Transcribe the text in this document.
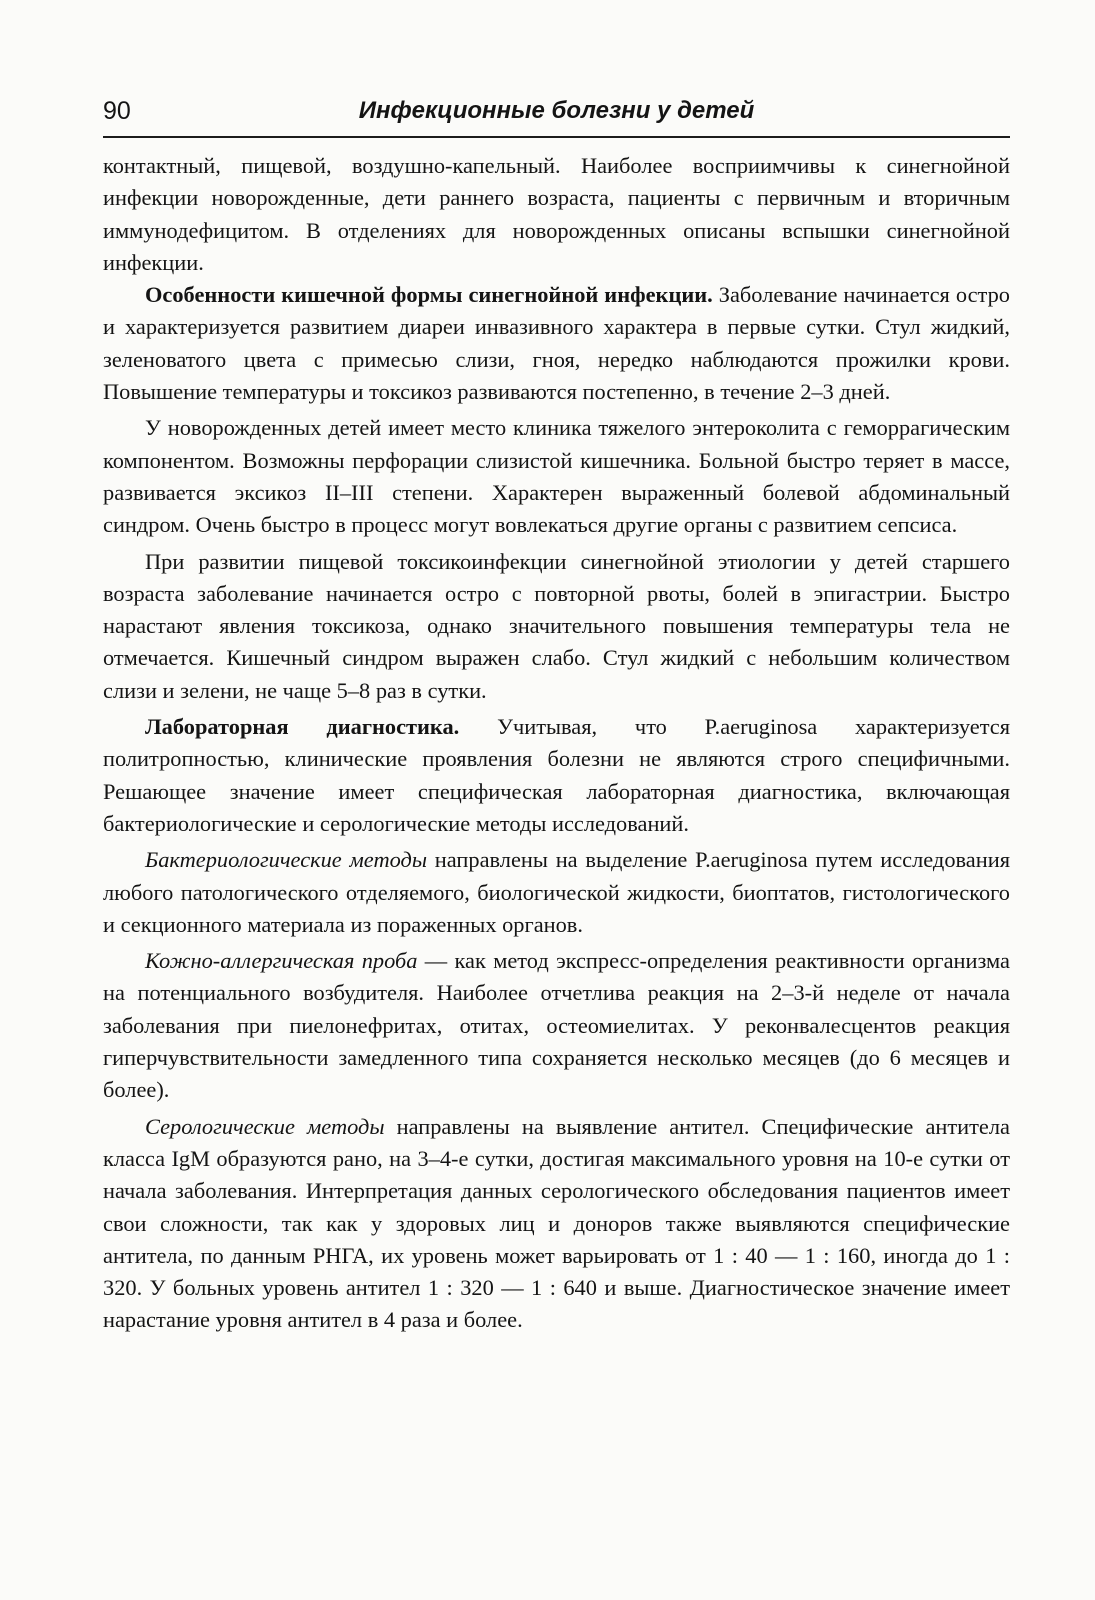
90	Инфекционные болезни у детей

контактный, пищевой, воздушно-капельный. Наиболее восприимчивы к синегнойной инфекции новорожденные, дети раннего возраста, пациенты с первичным и вторичным иммунодефицитом. В отделениях для новорожденных описаны вспышки синегнойной инфекции.

Особенности кишечной формы синегнойной инфекции. Заболевание начинается остро и характеризуется развитием диареи инвазивного характера в первые сутки. Стул жидкий, зеленоватого цвета с примесью слизи, гноя, нередко наблюдаются прожилки крови. Повышение температуры и токсикоз развиваются постепенно, в течение 2–3 дней.

У новорожденных детей имеет место клиника тяжелого энтероколита с геморрагическим компонентом. Возможны перфорации слизистой кишечника. Больной быстро теряет в массе, развивается эксикоз II–III степени. Характерен выраженный болевой абдоминальный синдром. Очень быстро в процесс могут вовлекаться другие органы с развитием сепсиса.

При развитии пищевой токсикоинфекции синегнойной этиологии у детей старшего возраста заболевание начинается остро с повторной рвоты, болей в эпигастрии. Быстро нарастают явления токсикоза, однако значительного повышения температуры тела не отмечается. Кишечный синдром выражен слабо. Стул жидкий с небольшим количеством слизи и зелени, не чаще 5–8 раз в сутки.

Лабораторная диагностика. Учитывая, что P.aeruginosa характеризуется политропностью, клинические проявления болезни не являются строго специфичными. Решающее значение имеет специфическая лабораторная диагностика, включающая бактериологические и серологические методы исследований.

Бактериологические методы направлены на выделение P.aeruginosa путем исследования любого патологического отделяемого, биологической жидкости, биоптатов, гистологического и секционного материала из пораженных органов.

Кожно-аллергическая проба — как метод экспресс-определения реактивности организма на потенциального возбудителя. Наиболее отчетлива реакция на 2–3-й неделе от начала заболевания при пиелонефритах, отитах, остеомиелитах. У реконвалесцентов реакция гиперчувствительности замедленного типа сохраняется несколько месяцев (до 6 месяцев и более).

Серологические методы направлены на выявление антител. Специфические антитела класса IgM образуются рано, на 3–4-е сутки, достигая максимального уровня на 10-е сутки от начала заболевания. Интерпретация данных серологического обследования пациентов имеет свои сложности, так как у здоровых лиц и доноров также выявляются специфические антитела, по данным РНГА, их уровень может варьировать от 1 : 40 — 1 : 160, иногда до 1 : 320. У больных уровень антител 1 : 320 — 1 : 640 и выше. Диагностическое значение имеет нарастание уровня антител в 4 раза и более.
